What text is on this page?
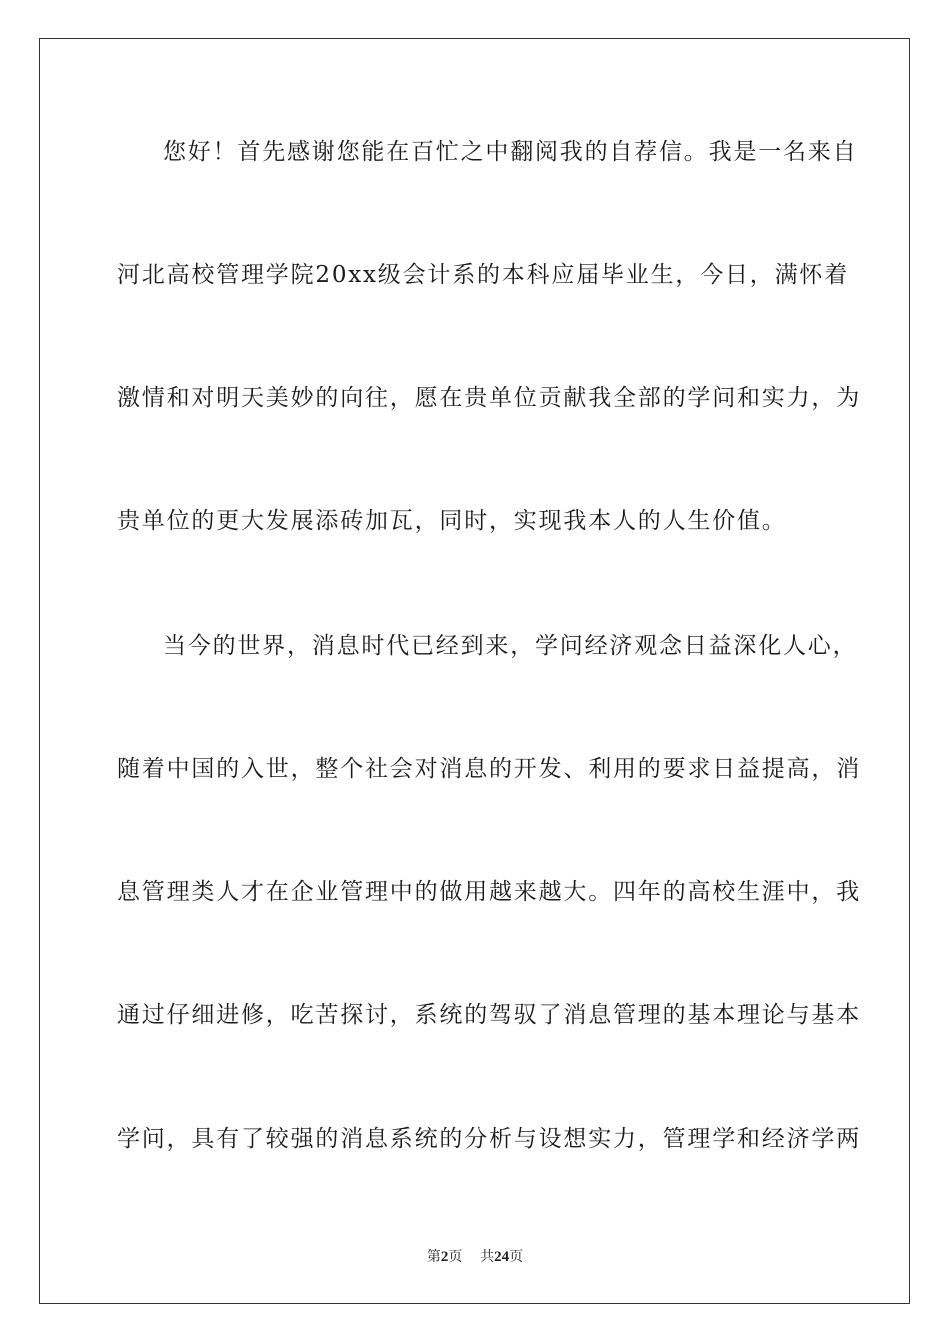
您好！首先感谢您能在百忙之中翻阅我的自荐信。我是一名来自
河北高校管理学院20xx级会计系的本科应届毕业生，今日，满怀着
激情和对明天美妙的向往，愿在贵单位贡献我全部的学问和实力，为
贵单位的更大发展添砖加瓦，同时，实现我本人的人生价值。
当今的世界，消息时代已经到来，学问经济观念日益深化人心，
随着中国的入世，整个社会对消息的开发、利用的要求日益提高，消
息管理类人才在企业管理中的做用越来越大。四年的高校生涯中，我
通过仔细进修，吃苦探讨，系统的驾驭了消息管理的基本理论与基本
学问，具有了较强的消息系统的分析与设想实力，管理学和经济学两
第2页 共24页
